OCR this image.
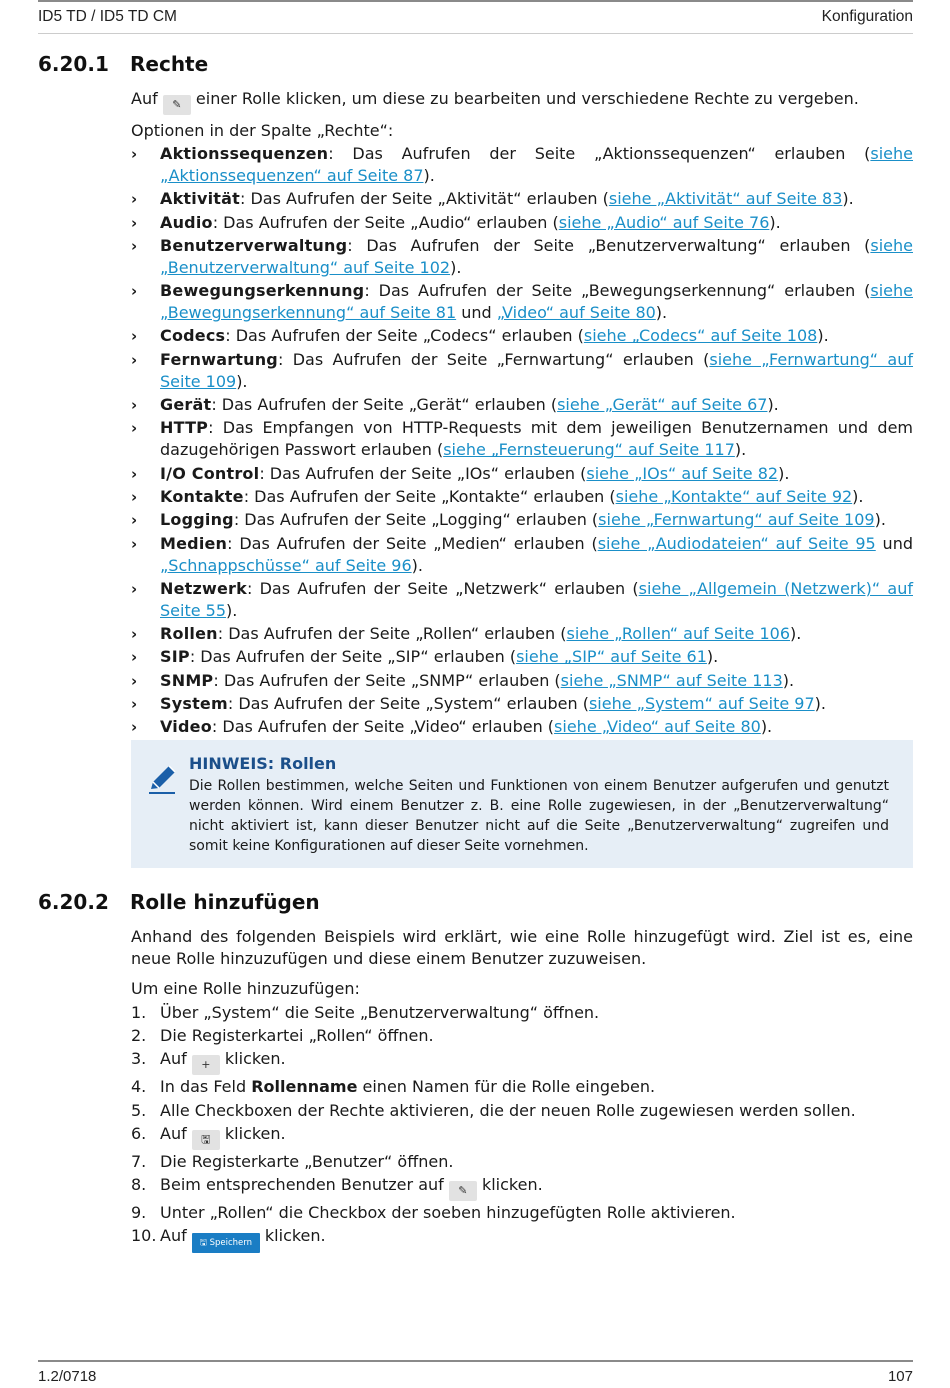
ID5 TD / ID5 TD CM	Konfiguration
6.20.1 Rechte

Auf ✎ einer Rolle klicken, um diese zu bearbeiten und verschiedene Rechte zu vergeben.

Optionen in der Spalte „Rechte“:
› Aktionssequenzen: Das Aufrufen der Seite „Aktionssequenzen“ erlauben (siehe „Aktionssequenzen“ auf Seite 87).
› Aktivität: Das Aufrufen der Seite „Aktivität“ erlauben (siehe „Aktivität“ auf Seite 83).
› Audio: Das Aufrufen der Seite „Audio“ erlauben (siehe „Audio“ auf Seite 76).
› Benutzerverwaltung: Das Aufrufen der Seite „Benutzerverwaltung“ erlauben (siehe „Benutzerverwaltung“ auf Seite 102).
› Bewegungserkennung: Das Aufrufen der Seite „Bewegungserkennung“ erlauben (siehe „Bewegungserkennung“ auf Seite 81 und „Video“ auf Seite 80).
› Codecs: Das Aufrufen der Seite „Codecs“ erlauben (siehe „Codecs“ auf Seite 108).
› Fernwartung: Das Aufrufen der Seite „Fernwartung“ erlauben (siehe „Fernwartung“ auf Seite 109).
› Gerät: Das Aufrufen der Seite „Gerät“ erlauben (siehe „Gerät“ auf Seite 67).
› HTTP: Das Empfangen von HTTP-Requests mit dem jeweiligen Benutzernamen und dem dazugehörigen Passwort erlauben (siehe „Fernsteuerung“ auf Seite 117).
› I/O Control: Das Aufrufen der Seite „IOs“ erlauben (siehe „IOs“ auf Seite 82).
› Kontakte: Das Aufrufen der Seite „Kontakte“ erlauben (siehe „Kontakte“ auf Seite 92).
› Logging: Das Aufrufen der Seite „Logging“ erlauben (siehe „Fernwartung“ auf Seite 109).
› Medien: Das Aufrufen der Seite „Medien“ erlauben (siehe „Audiodateien“ auf Seite 95 und „Schnappschüsse“ auf Seite 96).
› Netzwerk: Das Aufrufen der Seite „Netzwerk“ erlauben (siehe „Allgemein (Netzwerk)“ auf Seite 55).
› Rollen: Das Aufrufen der Seite „Rollen“ erlauben (siehe „Rollen“ auf Seite 106).
› SIP: Das Aufrufen der Seite „SIP“ erlauben (siehe „SIP“ auf Seite 61).
› SNMP: Das Aufrufen der Seite „SNMP“ erlauben (siehe „SNMP“ auf Seite 113).
› System: Das Aufrufen der Seite „System“ erlauben (siehe „System“ auf Seite 97).
› Video: Das Aufrufen der Seite „Video“ erlauben (siehe „Video“ auf Seite 80).
HINWEIS: Rollen
Die Rollen bestimmen, welche Seiten und Funktionen von einem Benutzer aufgerufen und genutzt werden können. Wird einem Benutzer z. B. eine Rolle zugewiesen, in der „Benutzerverwaltung“ nicht aktiviert ist, kann dieser Benutzer nicht auf die Seite „Benutzerverwaltung“ zugreifen und somit keine Konfigurationen auf dieser Seite vornehmen.
6.20.2 Rolle hinzufügen
Anhand des folgenden Beispiels wird erklärt, wie eine Rolle hinzugefügt wird. Ziel ist es, eine neue Rolle hinzuzufügen und diese einem Benutzer zuzuweisen.
Um eine Rolle hinzuzufügen:
1. Über „System“ die Seite „Benutzerverwaltung“ öffnen.
2. Die Registerkartei „Rollen“ öffnen.
3. Auf + klicken.
4. In das Feld Rollenname einen Namen für die Rolle eingeben.
5. Alle Checkboxen der Rechte aktivieren, die der neuen Rolle zugewiesen werden sollen.
6. Auf 🖫 klicken.
7. Die Registerkarte „Benutzer“ öffnen.
8. Beim entsprechenden Benutzer auf ✎ klicken.
9. Unter „Rollen“ die Checkbox der soeben hinzugefügten Rolle aktivieren.
10. Auf 🖫 Speichern klicken.
1.2/0718	107
